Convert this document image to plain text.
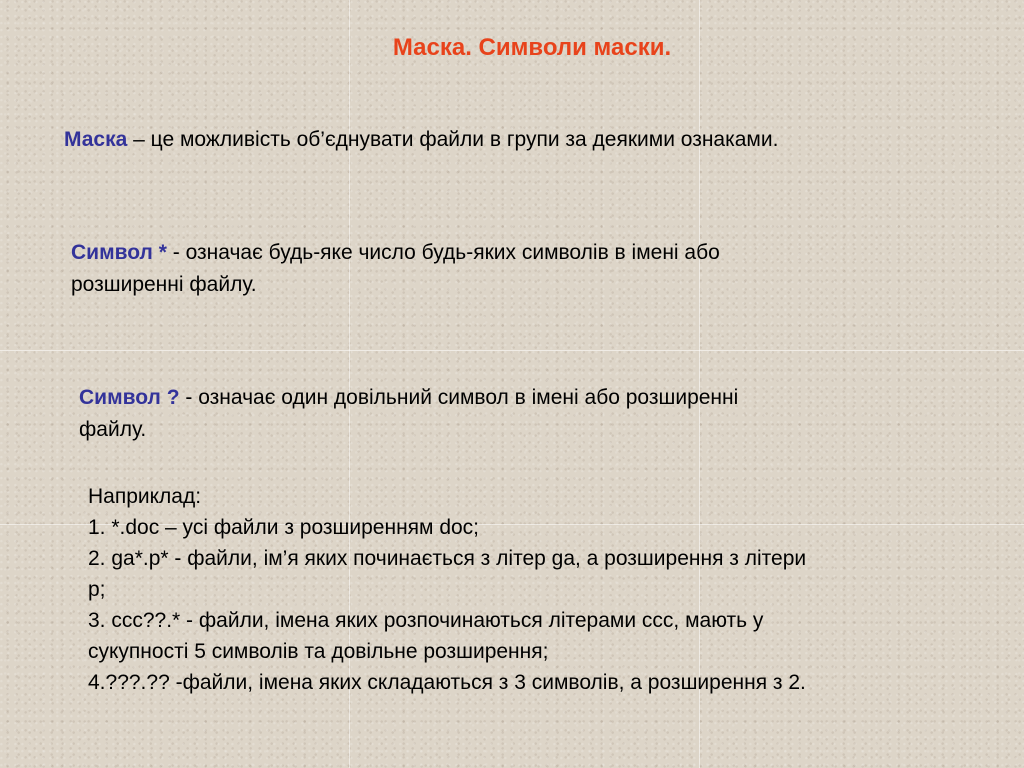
Маска. Символи маски.

Маска – це можливість об’єднувати файли в групи за деякими ознаками.

Символ * - означає будь-яке число будь-яких символів в імені або
розширенні файлу.

Символ ? - означає один довільний символ в імені або розширенні
файлу.

Наприклад:
1. *.doc – усі файли з розширенням doc;
2. ga*.p* - файли, ім’я яких починається з літер ga, а розширення з літери
p;
3. ccc??.* - файли, імена яких розпочинаються літерами ccc, мають у
сукупності 5 символів та довільне розширення;
4.???.?? -файли, імена яких складаються з 3 символів, а розширення з 2.
